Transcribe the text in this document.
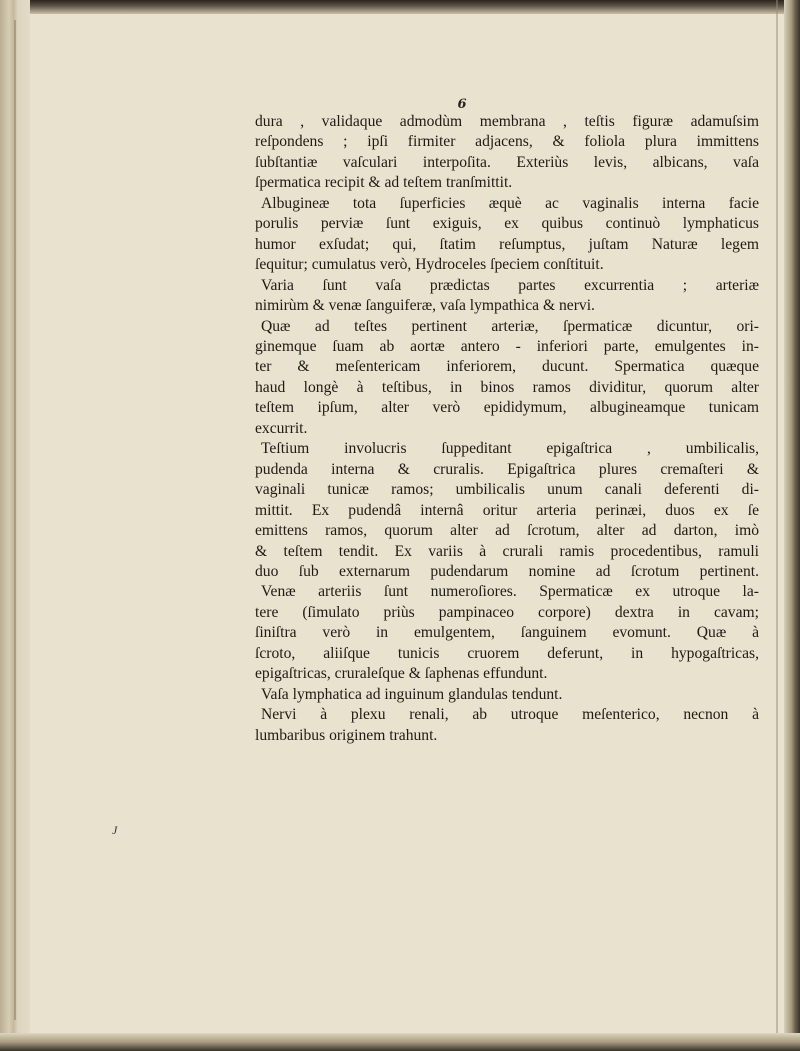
6
J
dura , validaque admodùm membrana , teſtis figuræ adamuſsim
reſpondens ; ipſi firmiter adjacens, & foliola plura immittens
ſubſtantiæ vaſculari interpoſita. Exteriùs levis, albicans, vaſa
ſpermatica recipit & ad teſtem tranſmittit.
Albugineæ tota ſuperficies æquè ac vaginalis interna facie
porulis perviæ ſunt exiguis, ex quibus continuò lymphaticus
humor exſudat; qui, ſtatim reſumptus, juſtam Naturæ legem
ſequitur; cumulatus verò, Hydroceles ſpeciem conſtituit.
Varia ſunt vaſa prædictas partes excurrentia ; arteriæ
nimirùm & venæ ſanguiferæ, vaſa lympathica & nervi.
Quæ ad teſtes pertinent arteriæ, ſpermaticæ dicuntur, ori-
ginemque ſuam ab aortæ antero - inferiori parte, emulgentes in-
ter & meſentericam inferiorem, ducunt. Spermatica quæque
haud longè à teſtibus, in binos ramos dividitur, quorum alter
teſtem ipſum, alter verò epididymum, albugineamque tunicam
excurrit.
Teſtium involucris ſuppeditant epigaſtrica , umbilicalis,
pudenda interna & cruralis. Epigaſtrica plures cremaſteri &
vaginali tunicæ ramos; umbilicalis unum canali deferenti di-
mittit. Ex pudendâ internâ oritur arteria perinæi, duos ex ſe
emittens ramos, quorum alter ad ſcrotum, alter ad darton, imò
& teſtem tendit. Ex variis à crurali ramis procedentibus, ramuli
duo ſub externarum pudendarum nomine ad ſcrotum pertinent.
Venæ arteriis ſunt numeroſiores. Spermaticæ ex utroque la-
tere (ſimulato priùs pampinaceo corpore) dextra in cavam;
ſiniſtra verò in emulgentem, ſanguinem evomunt. Quæ à
ſcroto, aliiſque tunicis cruorem deferunt, in hypogaſtricas,
epigaſtricas, cruraleſque & ſaphenas effundunt.
Vaſa lymphatica ad inguinum glandulas tendunt.
Nervi à plexu renali, ab utroque meſenterico, necnon à
lumbaribus originem trahunt.
